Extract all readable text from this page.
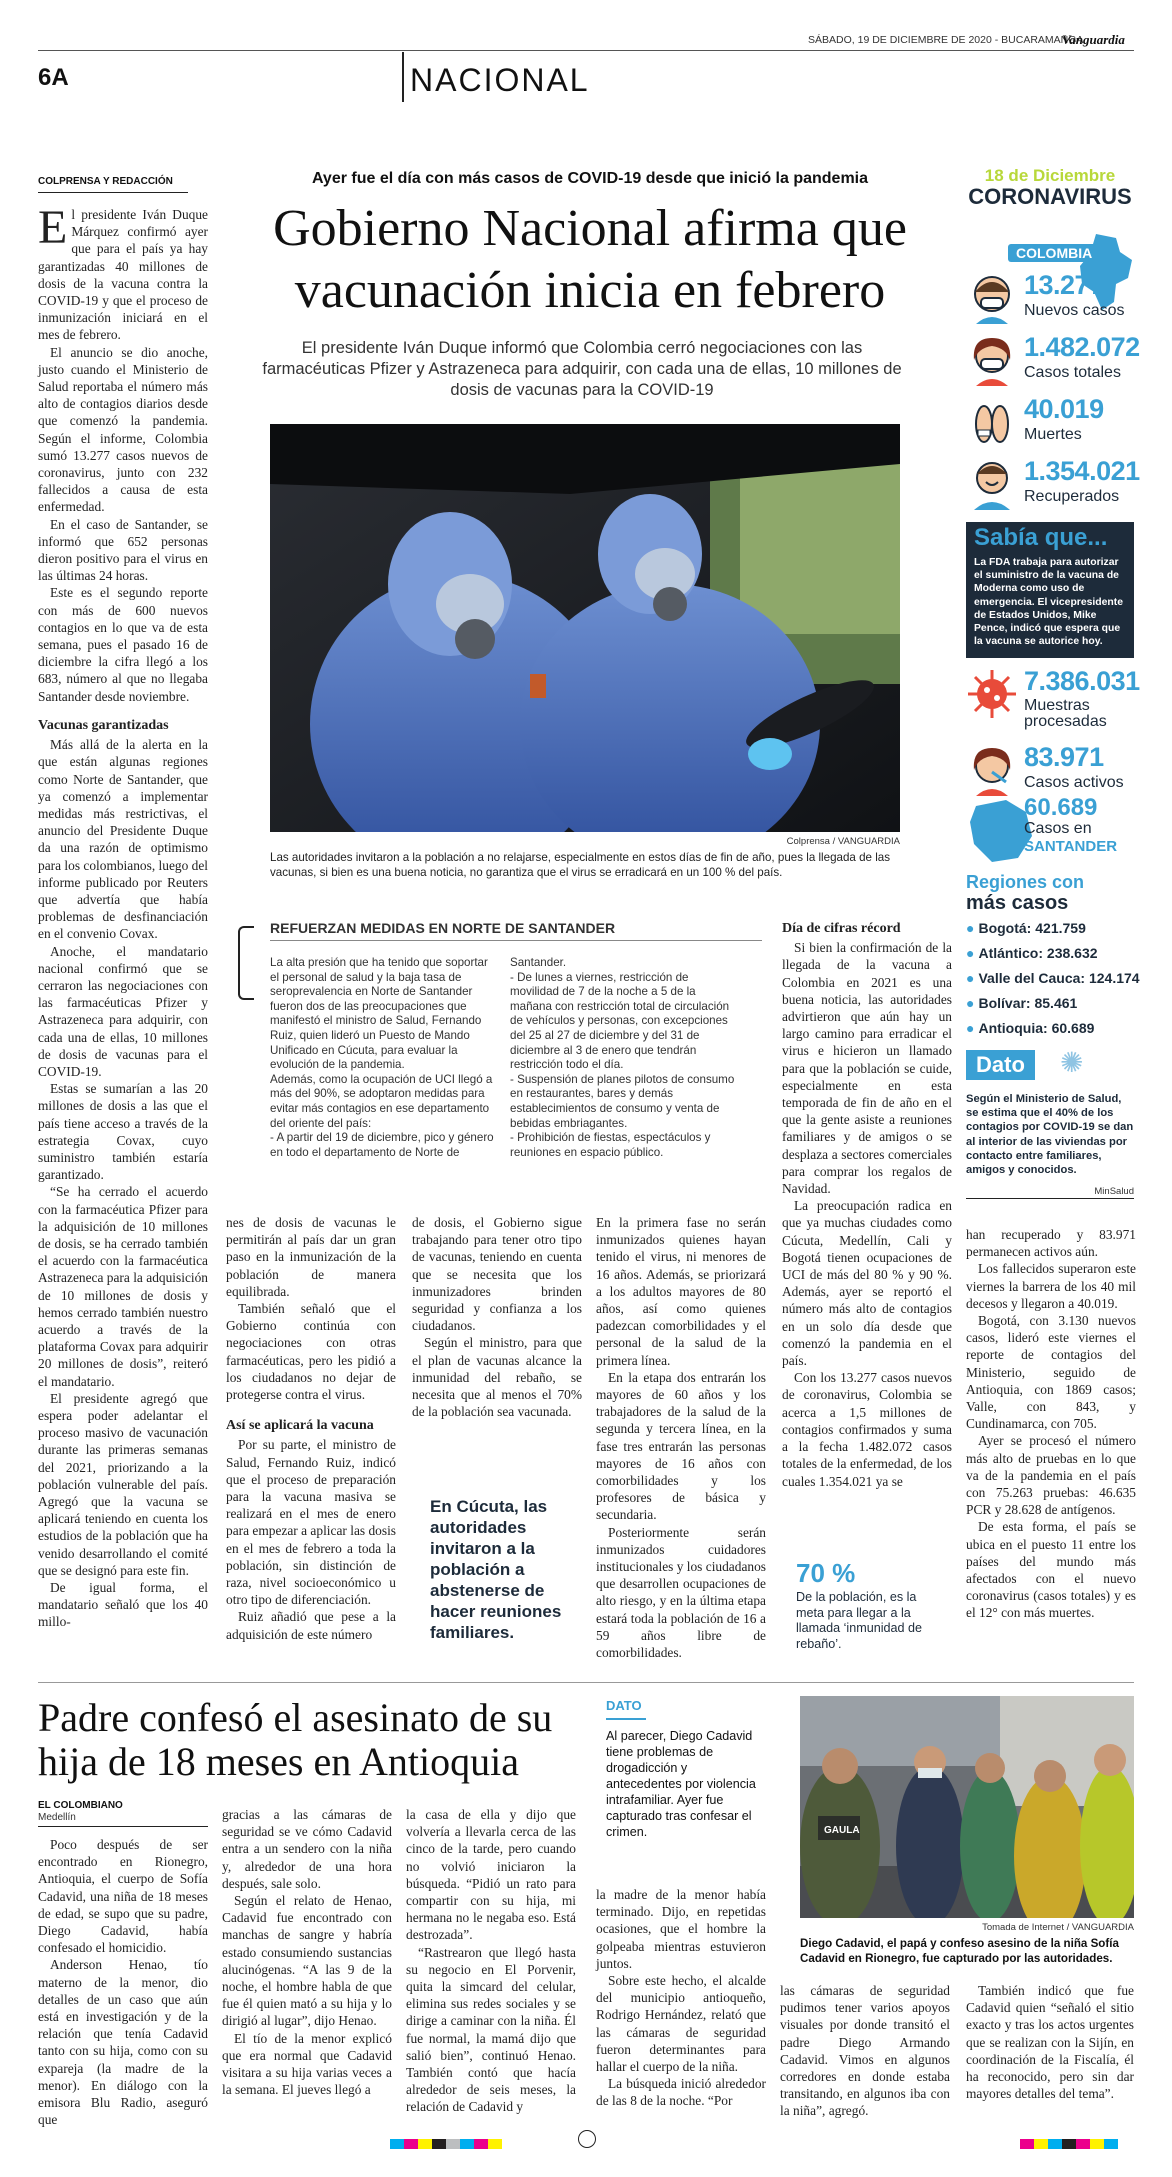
SÁBADO, 19 DE DICIEMBRE DE 2020 - BUCARAMANGA
Vanguardia
6A	NACIONAL
COLPRENSA Y REDACCIÓN	Ayer fue el día con más casos de COVID-19 desde que inició la pandemia
Gobierno Nacional afirma que
vacunación inicia en febrero
El presidente Iván Duque informó que Colombia cerró negociaciones con las farmacéuticas Pfizer y Astrazeneca para adquirir, con cada una de ellas, 10 millones de dosis de vacunas para la COVID-19
E l presidente Iván Duque Márquez confirmó ayer que para el país ya hay garantizadas 40 millones de dosis de la vacuna contra la COVID-19 y que el proceso de inmunización iniciará en el mes de febrero.

El anuncio se dio anoche, justo cuando el Ministerio de Salud reportaba el número más alto de contagios diarios desde que comenzó la pandemia. Según el informe, Colombia sumó 13.277 casos nuevos de coronavirus, junto con 232 fallecidos a causa de esta enfermedad.

En el caso de Santander, se informó que 652 personas dieron positivo para el virus en las últimas 24 horas.

Este es el segundo reporte con más de 600 nuevos contagios en lo que va de esta semana, pues el pasado 16 de diciembre la cifra llegó a los 683, número al que no llegaba Santander desde noviembre.

Vacunas garantizadas

Más allá de la alerta en la que están algunas regiones como Norte de Santander, que ya comenzó a implementar medidas más restrictivas, el anuncio del Presidente Duque da una razón de optimismo para los colombianos, luego del informe publicado por Reuters que advertía que había problemas de desfinanciación en el convenio Covax.

Anoche, el mandatario nacional confirmó que se cerraron las negociaciones con las farmacéuticas Pfizer y Astrazeneca para adquirir, con cada una de ellas, 10 millones de dosis de vacunas para el COVID-19.

Estas se sumarían a las 20 millones de dosis a las que el país tiene acceso a través de la estrategia Covax, cuyo suministro también estaría garantizado.

“Se ha cerrado el acuerdo con la farmacéutica Pfizer para la adquisición de 10 millones de dosis, se ha cerrado también el acuerdo con la farmacéutica Astrazeneca para la adquisición de 10 millones de dosis y hemos cerrado también nuestro acuerdo a través de la plataforma Covax para adquirir 20 millones de dosis”, reiteró el mandatario.

El presidente agregó que espera poder adelantar el proceso masivo de vacunación durante las primeras semanas del 2021, priorizando a la población vulnerable del país. Agregó que la vacuna se aplicará teniendo en cuenta los estudios de la población que ha venido desarrollando el comité que se designó para este fin.

De igual forma, el mandatario señaló que los 40 millo-

Colprensa / VANGUARDIA
Las autoridades invitaron a la población a no relajarse, especialmente en estos días de fin de año, pues la llegada de las vacunas, si bien es una buena noticia, no garantiza que el virus se erradicará en un 100 % del país.
REFUERZAN MEDIDAS EN NORTE DE SANTANDER
La alta presión que ha tenido que soportar el personal de salud y la baja tasa de seroprevalencia en Norte de Santander fueron dos de las preocupaciones que manifestó el ministro de Salud, Fernando Ruiz, quien lideró un Puesto de Mando Unificado en Cúcuta, para evaluar la evolución de la pandemia.
Además, como la ocupación de UCI llegó a más del 90%, se adoptaron medidas para evitar más contagios en ese departamento del oriente del país:
- A partir del 19 de diciembre, pico y género en todo el departamento de Norte de
Santander.
- De lunes a viernes, restricción de movilidad de 7 de la noche a 5 de la mañana con restricción total de circulación de vehículos y personas, con excepciones del 25 al 27 de diciembre y del 31 de diciembre al 3 de enero que tendrán restricción todo el día.
- Suspensión de planes pilotos de consumo en restaurantes, bares y demás establecimientos de consumo y venta de bebidas embriagantes.
- Prohibición de fiestas, espectáculos y reuniones en espacio público.
Día de cifras récord

Si bien la confirmación de la llegada de la vacuna a Colombia en 2021 es una buena noticia, las autoridades advirtieron que aún hay un largo camino para erradicar el virus e hicieron un llamado para que la población se cuide, especialmente en esta temporada de fin de año en el que la gente asiste a reuniones familiares y de amigos o se desplaza a sectores comerciales para comprar los regalos de Navidad.

La preocupación radica en que ya muchas ciudades como Cúcuta, Medellín, Cali y Bogotá tienen ocupaciones de UCI de más del 80 % y 90 %. Además, ayer se reportó el número más alto de contagios en un solo día desde que comenzó la pandemia en el país.

Con los 13.277 casos nuevos de coronavirus, Colombia se acerca a 1,5 millones de contagios confirmados y suma a la fecha 1.482.072 casos totales de la enfermedad, de los cuales 1.354.021 ya se

nes de dosis de vacunas le permitirán al país dar un gran paso en la inmunización de la población de manera equilibrada.

También señaló que el Gobierno continúa con negociaciones con otras farmacéuticas, pero les pidió a los ciudadanos no dejar de protegerse contra el virus.

Así se aplicará la vacuna

Por su parte, el ministro de Salud, Fernando Ruiz, indicó que el proceso de preparación para la vacuna masiva se realizará en el mes de enero para empezar a aplicar las dosis en el mes de febrero a toda la población, sin distinción de raza, nivel socioeconómico u otro tipo de diferenciación.

Ruiz añadió que pese a la adquisición de este número

de dosis, el Gobierno sigue trabajando para tener otro tipo de vacunas, teniendo en cuenta que se necesita que los inmunizadores brinden seguridad y confianza a los ciudadanos.

Según el ministro, para que el plan de vacunas alcance la inmunidad del rebaño, se necesita que al menos el 70% de la población sea vacunada.

En Cúcuta, las autoridades invitaron a la población a abstenerse de hacer reuniones familiares.

En la primera fase no serán inmunizados quienes hayan tenido el virus, ni menores de 16 años. Además, se priorizará a los adultos mayores de 80 años, así como quienes padezcan comorbilidades y el personal de la salud de la primera línea.

En la etapa dos entrarán los mayores de 60 años y los trabajadores de la salud de la segunda y tercera línea, en la fase tres entrarán las personas mayores de 16 años con comorbilidades y los profesores de básica y secundaria.

Posteriormente serán inmunizados cuidadores institucionales y los ciudadanos que desarrollen ocupaciones de alto riesgo, y en la última etapa estará toda la población de 16 a 59 años libre de comorbilidades.

70 %
De la población, es la meta para llegar a la llamada ‘inmunidad de rebaño’.

han recuperado y 83.971 permanecen activos aún.

Los fallecidos superaron este viernes la barrera de los 40 mil decesos y llegaron a 40.019.

Bogotá, con 3.130 nuevos casos, lideró este viernes el reporte de contagios del Ministerio, seguido de Antioquia, con 1869 casos; Valle, con 843, y Cundinamarca, con 705.

Ayer se procesó el número más alto de pruebas en lo que va de la pandemia en el país con 75.263 pruebas: 46.635 PCR y 28.628 de antígenos.

De esta forma, el país se ubica en el puesto 11 entre los países del mundo más afectados con el nuevo coronavirus (casos totales) y es el 12° con más muertes.

18 de Diciembre
CORONAVIRUS
COLOMBIA
13.277
Nuevos casos
1.482.072
Casos totales
40.019
Muertes
1.354.021
Recuperados
Sabía que...
La FDA trabaja para autorizar el suministro de la vacuna de Moderna como uso de emergencia. El vicepresidente de Estados Unidos, Mike Pence, indicó que espera que la vacuna se autorice hoy.
7.386.031
Muestras procesadas
83.971
Casos activos
60.689
Casos en
SANTANDER
Regiones con
más casos
● Bogotá: 421.759
● Atlántico: 238.632
● Valle del Cauca: 124.174
● Bolívar: 85.461
● Antioquia: 60.689
Dato	✺
Según el Ministerio de Salud, se estima que el 40% de los contagios por COVID-19 se dan al interior de las viviendas por contacto entre familiares, amigos y conocidos.
MinSalud
Padre confesó el asesinato de su
hija de 18 meses en Antioquia
EL COLOMBIANO
Medellín
DATO
Al parecer, Diego Cadavid tiene problemas de drogadicción y antecedentes por violencia intrafamiliar. Ayer fue capturado tras confesar el crimen.	GAULA
Tomada de Internet / VANGUARDIA
Diego Cadavid, el papá y confeso asesino de la niña Sofía Cadavid en Rionegro, fue capturado por las autoridades.

Poco después de ser encontrado en Rionegro, Antioquia, el cuerpo de Sofía Cadavid, una niña de 18 meses de edad, se supo que su padre, Diego Cadavid, había confesado el homicidio.

Anderson Henao, tío materno de la menor, dio detalles de un caso que aún está en investigación y de la relación que tenía Cadavid tanto con su hija, como con su expareja (la madre de la menor). En diálogo con la emisora Blu Radio, aseguró que

gracias a las cámaras de seguridad se ve cómo Cadavid entra a un sendero con la niña y, alrededor de una hora después, sale solo.

Según el relato de Henao, Cadavid fue encontrado con manchas de sangre y habría estado consumiendo sustancias alucinógenas. “A las 9 de la noche, el hombre habla de que fue él quien mató a su hija y lo dirigió al lugar”, dijo Henao.

El tío de la menor explicó que era normal que Cadavid visitara a su hija varias veces a la semana. El jueves llegó a

la casa de ella y dijo que volvería a llevarla cerca de las cinco de la tarde, pero cuando no volvió iniciaron la búsqueda. “Pidió un rato para compartir con su hija, mi hermana no le negaba eso. Está destrozada”.

“Rastrearon que llegó hasta su negocio en El Porvenir, quita la simcard del celular, elimina sus redes sociales y se dirige a caminar con la niña. Él fue normal, la mamá dijo que salió bien”, continuó Henao. También contó que hacía alrededor de seis meses, la relación de Cadavid y

la madre de la menor había terminado. Dijo, en repetidas ocasiones, que el hombre la golpeaba mientras estuvieron juntos.

Sobre este hecho, el alcalde del municipio antioqueño, Rodrigo Hernández, relató que las cámaras de seguridad fueron determinantes para hallar el cuerpo de la niña.

La búsqueda inició alrededor de las 8 de la noche. “Por

las cámaras de seguridad pudimos tener varios apoyos visuales por donde transitó el padre Diego Armando Cadavid. Vimos en algunos corredores en donde estaba transitando, en algunos iba con la niña”, agregó.

También indicó que fue Cadavid quien “señaló el sitio exacto y tras los actos urgentes que se realizan con la Sijín, en coordinación de la Fiscalía, él ha reconocido, pero sin dar mayores detalles del tema”.
